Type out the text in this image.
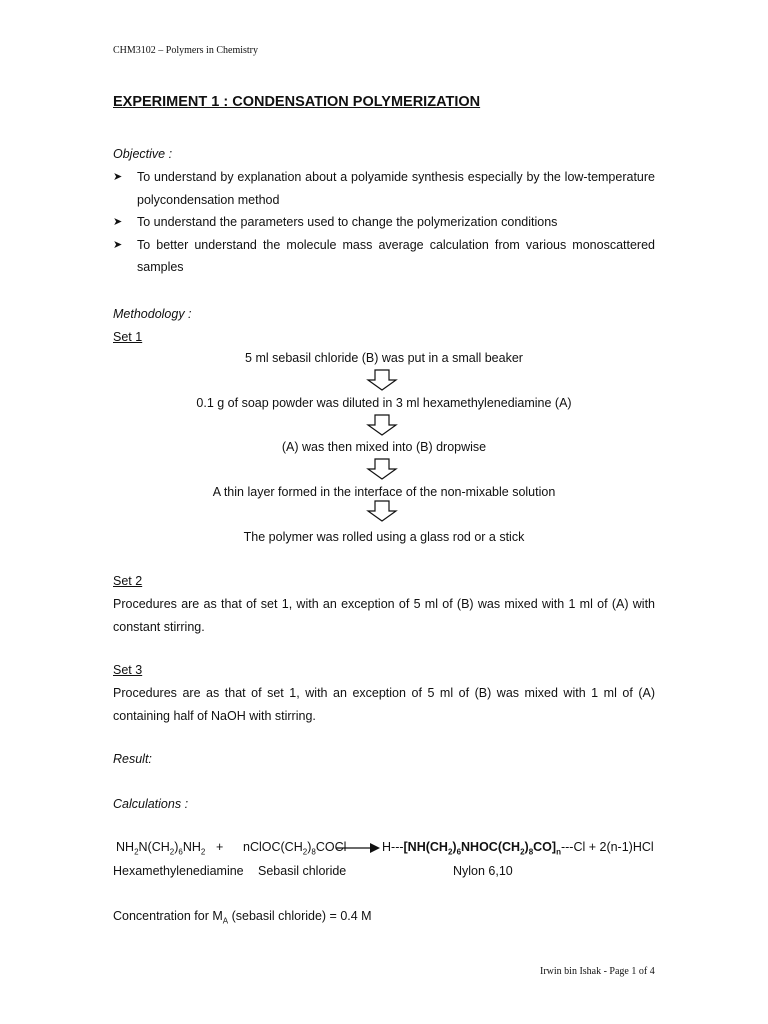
CHM3102 – Polymers in Chemistry
EXPERIMENT 1 : CONDENSATION POLYMERIZATION
Objective :
➤ To understand by explanation about a polyamide synthesis especially by the low-temperature polycondensation method
➤ To understand the parameters used to change the polymerization conditions
➤ To better understand the molecule mass average calculation from various monoscattered samples
Methodology :
Set 1
5 ml sebasil chloride (B) was put in a small beaker
0.1 g of soap powder was diluted in 3 ml hexamethylenediamine (A)
(A) was then mixed into (B) dropwise
A thin layer formed in the interface of the non-mixable solution
The polymer was rolled using a glass rod or a stick
Set 2
Procedures are as that of set 1, with an exception of 5 ml of (B) was mixed with 1 ml of (A) with constant stirring.
Set 3
Procedures are as that of set 1, with an exception of 5 ml of (B) was mixed with 1 ml of (A) containing half of NaOH with stirring.
Result:
Calculations :
$NH_2N(CH_2)_6NH_2$ + $nClOC(CH_2)_8COCl$ → $H---[NH(CH_2)_6NHOC(CH_2)_8CO]_n---Cl + 2(n-1)HCl$
Hexamethylenediamine Sebasil chloride	Nylon 6,10
Concentration for $M_A$ (sebasil chloride) = 0.4 M
Irwin bin Ishak - Page 1 of 4
